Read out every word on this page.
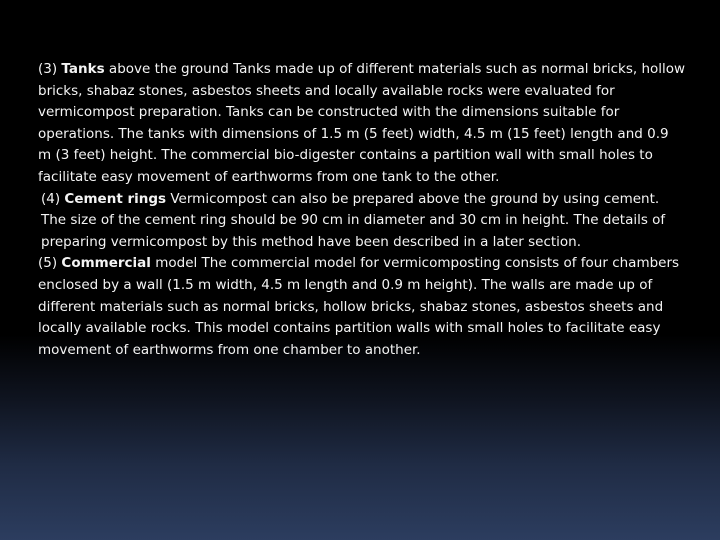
(3) Tanks above the ground Tanks made up of different materials such as normal bricks, hollow bricks, shabaz stones, asbestos sheets and locally available rocks were evaluated for vermicompost preparation. Tanks can be constructed with the dimensions suitable for operations. The tanks with dimensions of 1.5 m (5 feet) width, 4.5 m (15 feet) length and 0.9 m (3 feet) height. The commercial bio-digester contains a partition wall with small holes to facilitate easy movement of earthworms from one tank to the other.

(4) Cement rings Vermicompost can also be prepared above the ground by using cement. The size of the cement ring should be 90 cm in diameter and 30 cm in height. The details of preparing vermicompost by this method have been described in a later section.

(5) Commercial model The commercial model for vermicomposting consists of four chambers enclosed by a wall (1.5 m width, 4.5 m length and 0.9 m height). The walls are made up of different materials such as normal bricks, hollow bricks, shabaz stones, asbestos sheets and locally available rocks. This model contains partition walls with small holes to facilitate easy movement of earthworms from one chamber to another.
